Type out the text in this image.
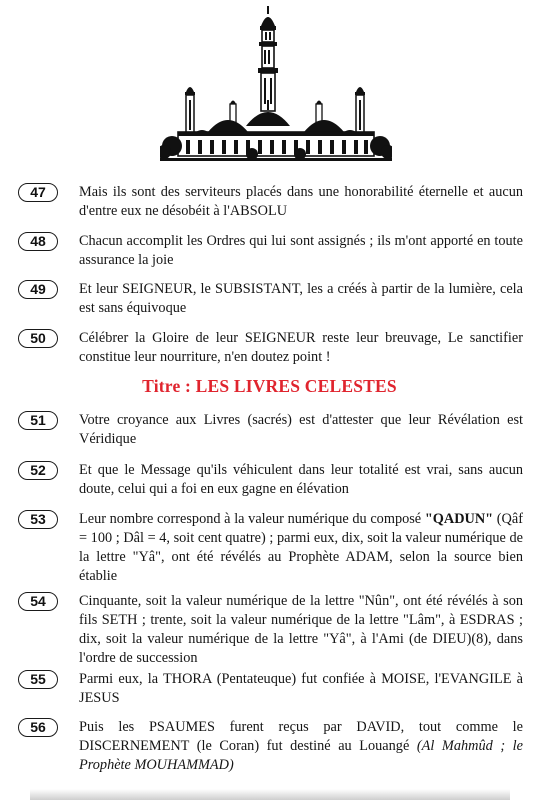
47	Mais ils sont des serviteurs placés dans une honorabilité éternelle et aucun d'entre eux ne désobéit à l'ABSOLU
48	Chacun accomplit les Ordres qui lui sont assignés ; ils m'ont apporté en toute assurance la joie
49	Et leur SEIGNEUR, le SUBSISTANT, les a créés à partir de la lumière, cela est sans équivoque
50	Célébrer la Gloire de leur SEIGNEUR reste leur breuvage, Le sanctifier constitue leur nourriture, n'en doutez point !
Titre : LES LIVRES CELESTES
51	Votre croyance aux Livres (sacrés) est d'attester que leur Révélation est Véridique
52	Et que le Message qu'ils véhiculent dans leur totalité est vrai, sans aucun doute, celui qui a foi en eux gagne en élévation
53	Leur nombre correspond à la valeur numérique du composé "QADUN" (Qâf = 100 ; Dâl = 4, soit cent quatre) ; parmi eux, dix, soit la valeur numérique de la lettre "Yâ", ont été révélés au Prophète ADAM, selon la source bien établie
54	Cinquante, soit la valeur numérique de la lettre "Nûn", ont été révélés à son fils SETH ; trente, soit la valeur numérique de la lettre "Lâm", à ESDRAS ; dix, soit la valeur numérique de la lettre "Yâ", à l'Ami (de DIEU)(8), dans l'ordre de succession
55	Parmi eux, la THORA (Pentateuque) fut confiée à MOISE, l'EVANGILE à JESUS
56	Puis les PSAUMES furent reçus par DAVID, tout comme le DISCERNEMENT (le Coran) fut destiné au Louangé (Al Mahmûd ; le Prophète MOUHAMMAD)
